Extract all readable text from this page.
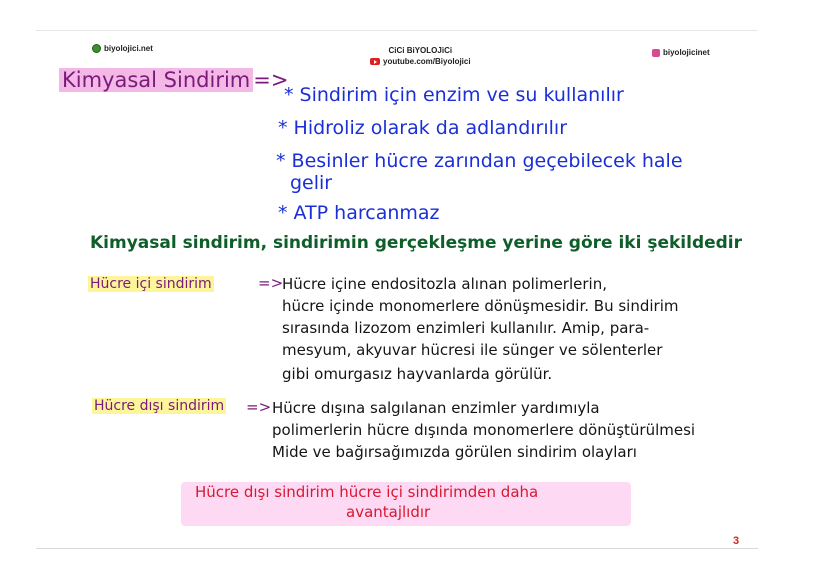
biyolojici.net	CiCi BiYOLOJiCi
youtube.com/Biyolojici
biyolojicinet
Kimyasal Sindirim =>
* Sindirim için enzim ve su kullanılır
* Hidroliz olarak da adlandırılır
* Besinler hücre zarından geçebilecek hale
gelir
* ATP harcanmaz
Kimyasal sindirim, sindirimin gerçekleşme yerine göre iki şekildedir
Hücre içi sindirim	=>
Hücre içine endositozla alınan polimerlerin,
hücre içinde monomerlere dönüşmesidir. Bu sindirim
sırasında lizozom enzimleri kullanılır. Amip, para-
mesyum, akyuvar hücresi ile sünger ve sölenterler
gibi omurgasız hayvanlarda görülür.
Hücre dışı sindirim => Hücre dışına salgılanan enzimler yardımıyla
polimerlerin hücre dışında monomerlere dönüştürülmesi
Mide ve bağırsağımızda görülen sindirim olayları
Hücre dışı sindirim hücre içi sindirimden daha
avantajlıdır
3
